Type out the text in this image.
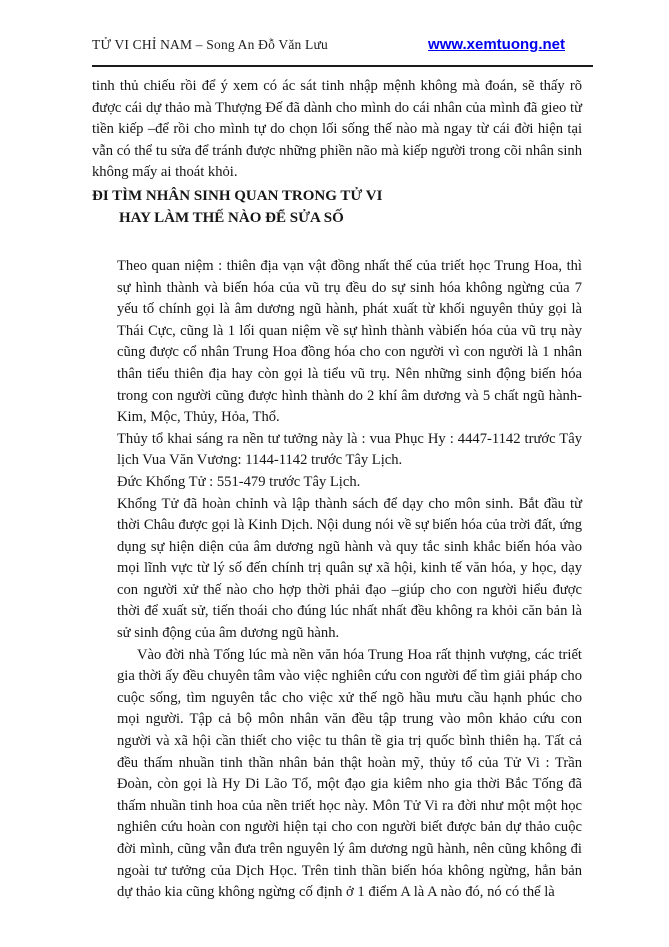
TỬ VI CHỈ NAM – Song An Đỗ Văn Lưu	www.xemtuong.net

tinh thủ chiếu rồi để ý xem có ác sát tinh nhập mệnh không mà đoán, sẽ thấy rõ được cái dự thảo mà Thượng Đế đã dành cho mình do cái nhân của mình đã gieo từ tiền kiếp –để rồi cho mình tự do chọn lối sống thế nào mà ngay từ cái đời hiện tại vẫn có thể tu sửa để tránh được những phiền não mà kiếp người trong cõi nhân sinh không mấy ai thoát khỏi.

ĐI TÌM NHÂN SINH QUAN TRONG TỬ VI
HAY LÀM THẾ NÀO ĐỂ SỬA SỐ

Theo quan niệm : thiên địa vạn vật đồng nhất thế của triết học Trung Hoa, thì sự hình thành và biến hóa của vũ trụ đều do sự sinh hóa không ngừng của 7 yếu tố chính gọi là âm dương ngũ hành, phát xuất từ khối nguyên thủy gọi là Thái Cực, cũng là 1 lối quan niệm về sự hình thành vàbiến hóa của vũ trụ này cũng được cổ nhân Trung Hoa đồng hóa cho con người vì con người là 1 nhân thân tiểu thiên địa hay còn gọi là tiểu vũ trụ. Nên những sinh động biến hóa trong con người cũng được hình thành do 2 khí âm dương và 5 chất ngũ hành- Kim, Mộc, Thủy, Hỏa, Thổ.

Thủy tổ khai sáng ra nền tư tưởng này là : vua Phục Hy : 4447-1142 trước Tây lịch Vua Văn Vương: 1144-1142 trước Tây Lịch.

Đức Khổng Tử : 551-479 trước Tây Lịch.

Khổng Tử đã hoàn chỉnh và lập thành sách để dạy cho môn sinh. Bắt đầu từ thời Châu được gọi là Kinh Dịch. Nội dung nói về sự biến hóa của trời đất, ứng dụng sự hiện diện của âm dương ngũ hành và quy tắc sinh khắc biến hóa vào mọi lĩnh vực từ lý số đến chính trị quân sự xã hội, kinh tế văn hóa, y học, dạy con người xử thế nào cho hợp thời phải đạo –giúp cho con người hiểu được thời để xuất sử, tiến thoái cho đúng lúc nhất nhất đều không ra khỏi căn bản là sử sinh động của âm dương ngũ hành.

Vào đời nhà Tống lúc mà nền văn hóa Trung Hoa rất thịnh vượng, các triết gia thời ấy đều chuyên tâm vào việc nghiên cứu con người để tìm giải pháp cho cuộc sống, tìm nguyên tắc cho việc xử thế ngõ hầu mưu cầu hạnh phúc cho mọi người. Tập cả bộ môn nhân văn đều tập trung vào môn khảo cứu con người và xã hội cần thiết cho việc tu thân tề gia trị quốc bình thiên hạ. Tất cả đều thấm nhuần tinh thần nhân bản thật hoàn mỹ, thủy tổ của Tử Vi : Trần Đoàn, còn gọi là Hy Di Lão Tổ, một đạo gia kiêm nho gia thời Bắc Tống đã thấm nhuần tinh hoa của nền triết học này. Môn Tử Vi ra đời như một một học nghiên cứu hoàn con người hiện tại cho con người biết được bản dự thảo cuộc đời mình, cũng vẫn đưa trên nguyên lý âm dương ngũ hành, nên cũng không đi ngoài tư tưởng của Dịch Học. Trên tinh thần biến hóa không ngừng, hẳn bản dự thảo kia cũng không ngừng cố định ở 1 điểm A là A nào đó, nó có thể là
